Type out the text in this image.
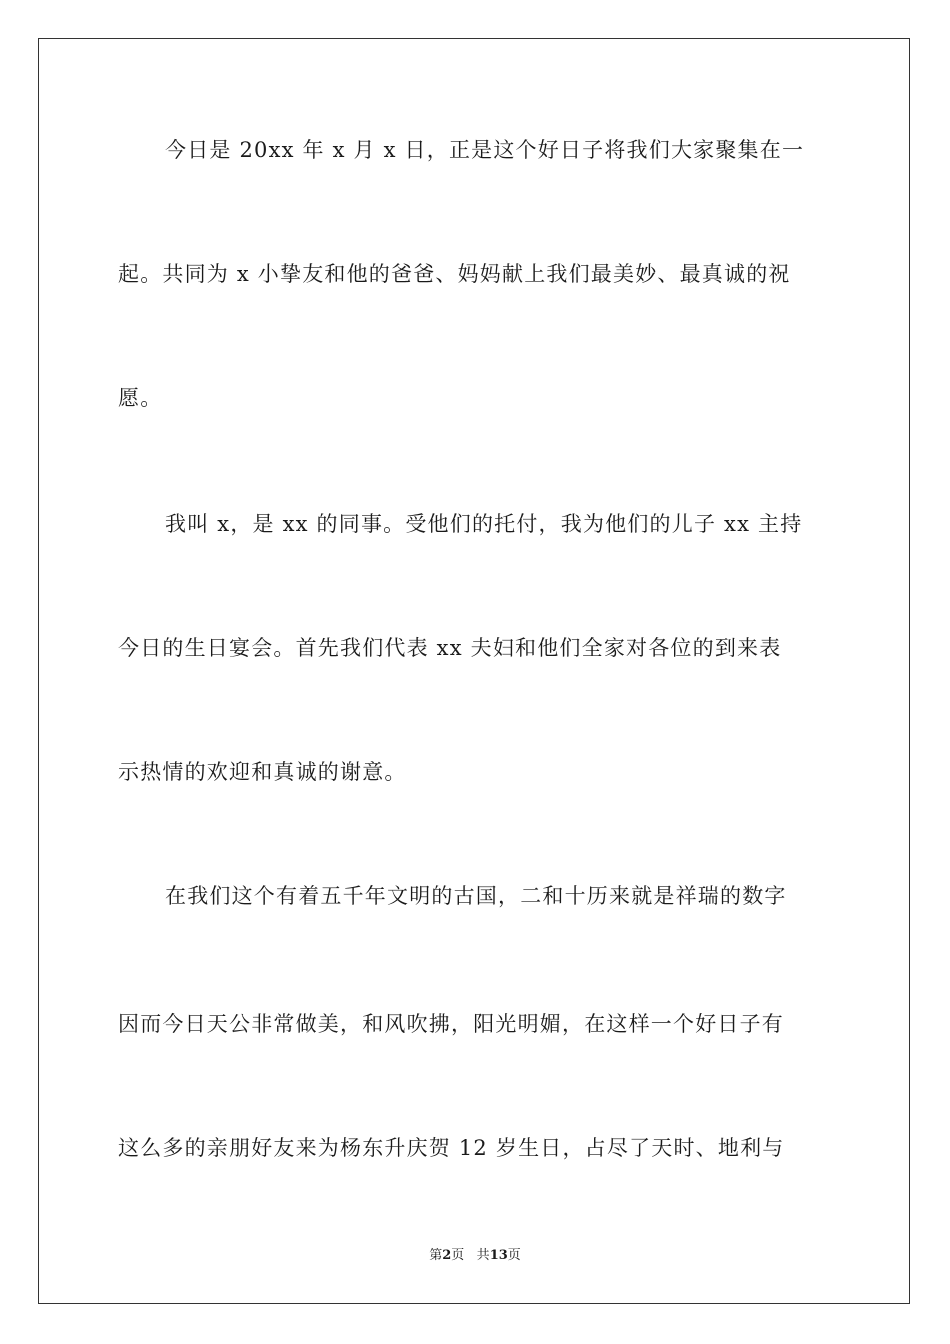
今日是 20xx 年 x 月 x 日，正是这个好日子将我们大家聚集在一
起。共同为 x 小挚友和他的爸爸、妈妈献上我们最美妙、最真诚的祝
愿。
我叫 x，是 xx 的同事。受他们的托付，我为他们的儿子 xx 主持
今日的生日宴会。首先我们代表 xx 夫妇和他们全家对各位的到来表
示热情的欢迎和真诚的谢意。
在我们这个有着五千年文明的古国，二和十历来就是祥瑞的数字
因而今日天公非常做美，和风吹拂，阳光明媚，在这样一个好日子有
这么多的亲朋好友来为杨东升庆贺 12 岁生日，占尽了天时、地利与
第2页 共13页
